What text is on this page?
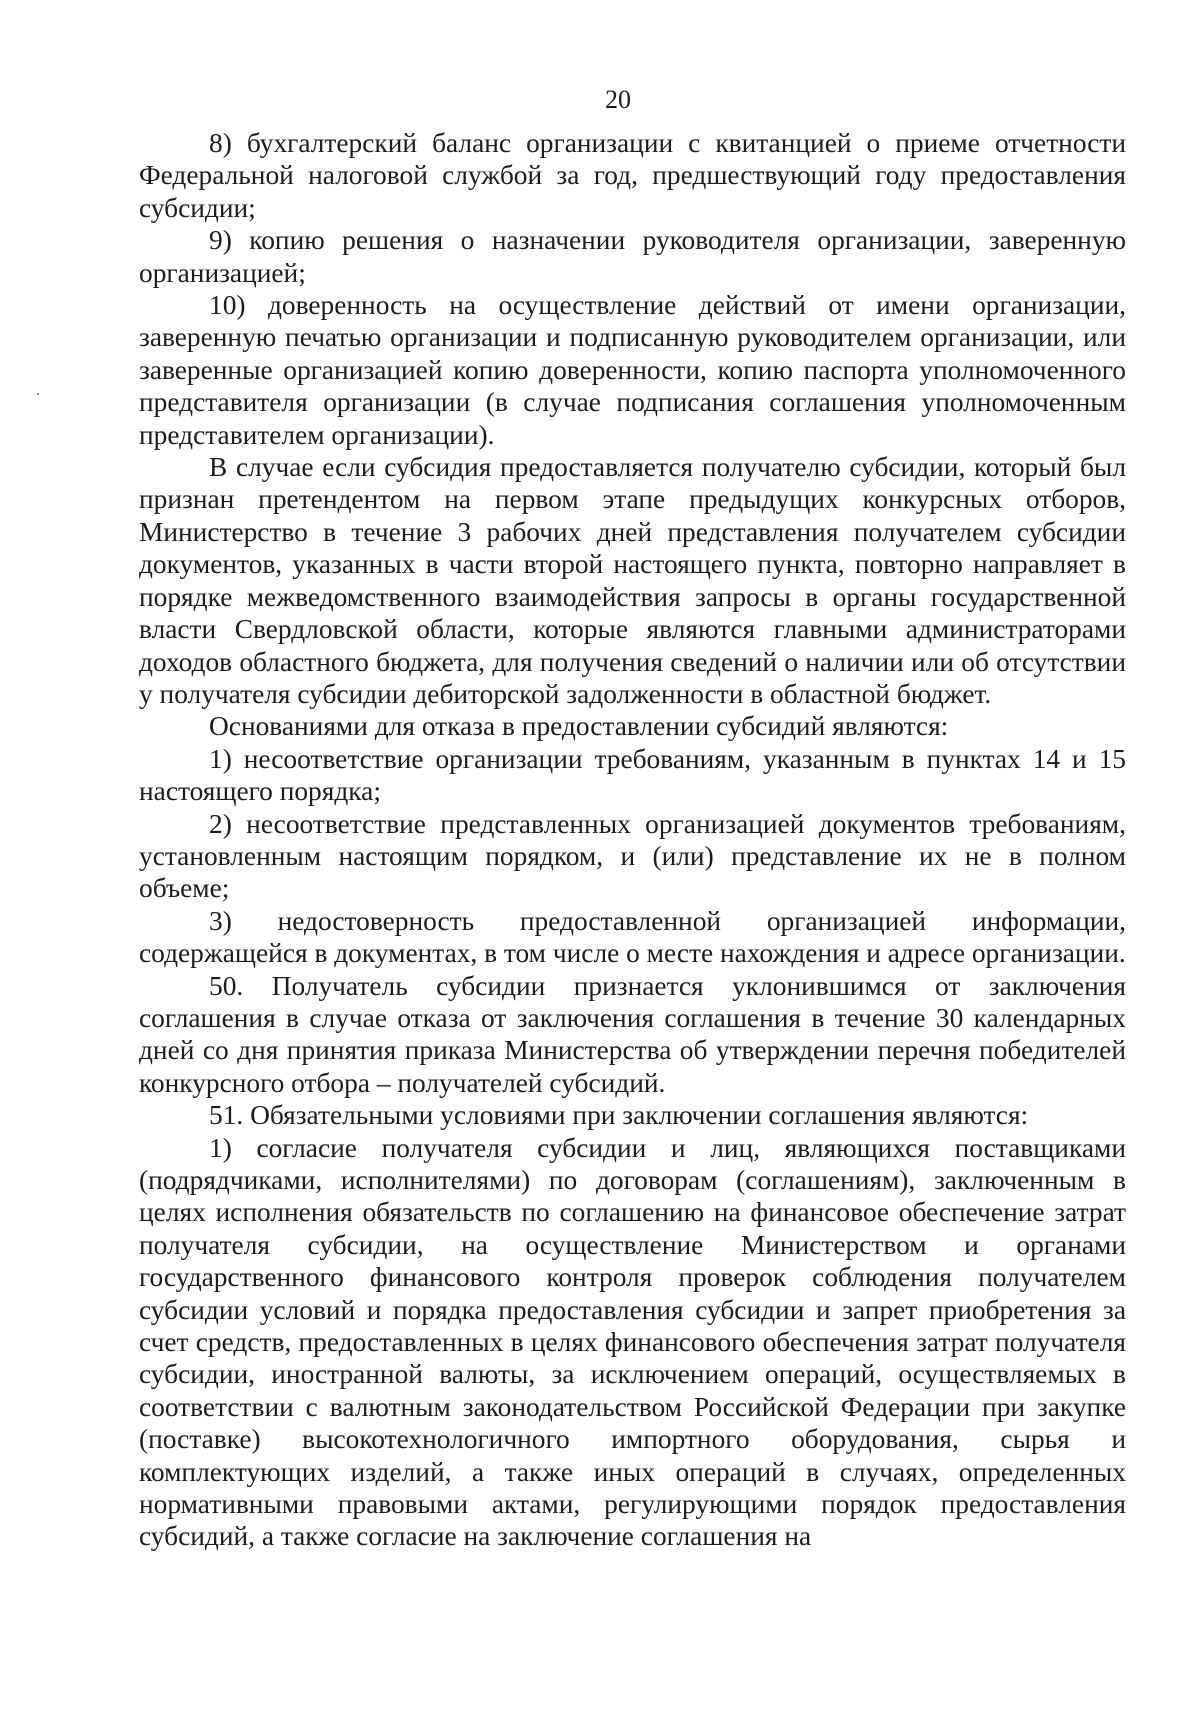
20

8) бухгалтерский баланс организации с квитанцией о приеме отчетности Федеральной налоговой службой за год, предшествующий году предоставления субсидии;

9) копию решения о назначении руководителя организации, заверенную организацией;

10) доверенность на осуществление действий от имени организации, заверенную печатью организации и подписанную руководителем организации, или заверенные организацией копию доверенности, копию паспорта уполномоченного представителя организации (в случае подписания соглашения уполномоченным представителем организации).

В случае если субсидия предоставляется получателю субсидии, который был признан претендентом на первом этапе предыдущих конкурсных отборов, Министерство в течение 3 рабочих дней представления получателем субсидии документов, указанных в части второй настоящего пункта, повторно направляет в порядке межведомственного взаимодействия запросы в органы государственной власти Свердловской области, которые являются главными администраторами доходов областного бюджета, для получения сведений о наличии или об отсутствии у получателя субсидии дебиторской задолженности в областной бюджет.

Основаниями для отказа в предоставлении субсидий являются:

1) несоответствие организации требованиям, указанным в пунктах 14 и 15 настоящего порядка;

2) несоответствие представленных организацией документов требованиям, установленным настоящим порядком, и (или) представление их не в полном объеме;

3) недостоверность предоставленной организацией информации, содержащейся в документах, в том числе о месте нахождения и адресе организации.

50. Получатель субсидии признается уклонившимся от заключения соглашения в случае отказа от заключения соглашения в течение 30 календарных дней со дня принятия приказа Министерства об утверждении перечня победителей конкурсного отбора – получателей субсидий.

51. Обязательными условиями при заключении соглашения являются:

1) согласие получателя субсидии и лиц, являющихся поставщиками (подрядчиками, исполнителями) по договорам (соглашениям), заключенным в целях исполнения обязательств по соглашению на финансовое обеспечение затрат получателя субсидии, на осуществление Министерством и органами государственного финансового контроля проверок соблюдения получателем субсидии условий и порядка предоставления субсидии и запрет приобретения за счет средств, предоставленных в целях финансового обеспечения затрат получателя субсидии, иностранной валюты, за исключением операций, осуществляемых в соответствии с валютным законодательством Российской Федерации при закупке (поставке) высокотехнологичного импортного оборудования, сырья и комплектующих изделий, а также иных операций в случаях, определенных нормативными правовыми актами, регулирующими порядок предоставления субсидий, а также согласие на заключение соглашения на
